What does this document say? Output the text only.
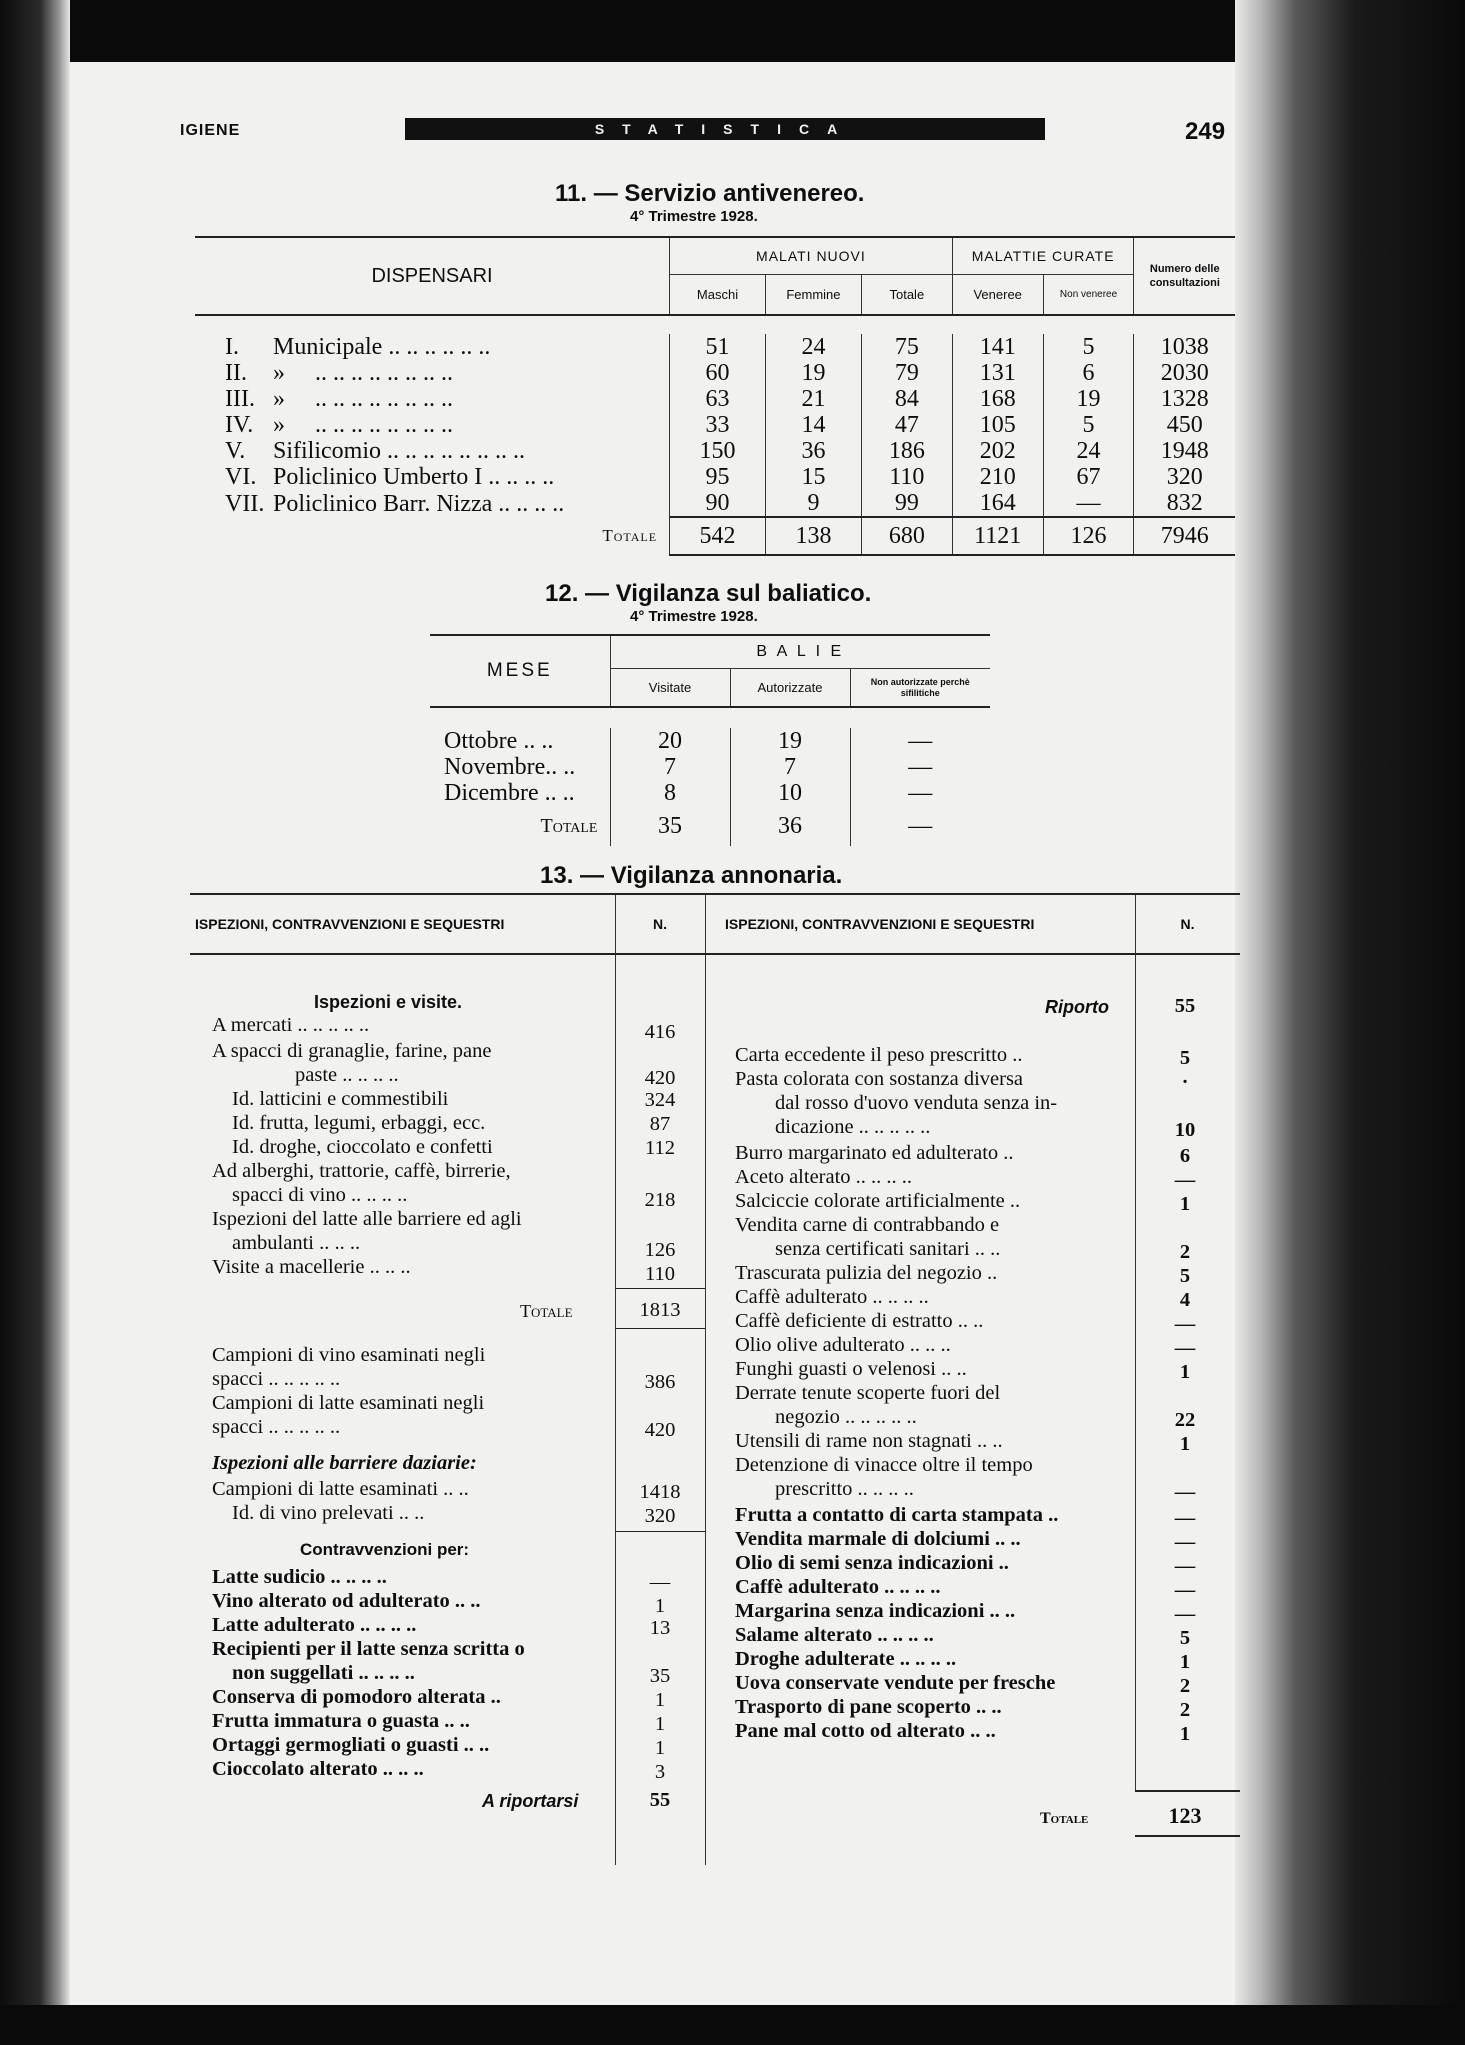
IGIENE	STATISTICA	249
11. — Servizio antivenereo.
4° Trimestre 1928.
DISPENSARI	MALATI NUOVI			MALATTIE CURATE		Numero delle consultazioni
	Maschi	Femmine	Totale	Veneree	Non veneree	

I. Municipale .. .. .. .. .. ..	51	24	75	141	5	1038
II. »     .. .. .. .. .. .. .. ..	60	19	79	131	6	2030
III. »     .. .. .. .. .. .. .. ..	63	21	84	168	19	1328
IV. »     .. .. .. .. .. .. .. ..	33	14	47	105	5	450
V. Sifilicomio .. .. .. .. .. .. .. ..	150	36	186	202	24	1948
VI. Policlinico Umberto I .. .. .. ..	95	15	110	210	67	320
VII. Policlinico Barr. Nizza .. .. .. ..	90	9	99	164	—	832
Totale	542	138	680	1121	126	7946
12. — Vigilanza sul baliatico.
4° Trimestre 1928.
MESE	B A L I E		
	Visitate	Autorizzate	Non autorizzate perchè sifilitiche

Ottobre .. ..	20	19	—
Novembre.. ..	7	7	—
Dicembre .. ..	8	10	—
Totale	35	36	—
13. — Vigilanza annonaria.
ISPEZIONI, CONTRAVVENZIONI E SEQUESTRI	N.	ISPEZIONI, CONTRAVVENZIONI E SEQUESTRI	N.
Ispezioni e visite.
A mercati .. .. .. .. ..	416
A spacci di granaglie, farine, pane
paste .. .. .. ..	420
Id. latticini e commestibili	324
Id. frutta, legumi, erbaggi, ecc.	87
Id. droghe, cioccolato e confetti	112
Ad alberghi, trattorie, caffè, birrerie,
spacci di vino .. .. .. ..	218
Ispezioni del latte alle barriere ed agli
ambulanti .. .. ..	126
Visite a macellerie .. .. ..	110
Totale	1813
Campioni di vino esaminati negli
spacci .. .. .. .. ..	386
Campioni di latte esaminati negli
spacci .. .. .. .. ..	420
Ispezioni alle barriere daziarie:
Campioni di latte esaminati .. ..	1418
Id. di vino prelevati .. ..	320
Contravvenzioni per:
Latte sudicio .. .. .. ..	—
Vino alterato od adulterato .. ..	1
Latte adulterato .. .. .. ..	13
Recipienti per il latte senza scritta o
non suggellati .. .. .. ..	35
Conserva di pomodoro alterata ..	1
Frutta immatura o guasta .. ..	1
Ortaggi germogliati o guasti .. ..	1
Cioccolato alterato .. .. ..	3
A riportarsi	55
Riporto	55
Carta eccedente il peso prescritto ..	5
Pasta colorata con sostanza diversa	·
dal rosso d'uovo venduta senza in-
dicazione .. .. .. .. ..	10
Burro margarinato ed adulterato ..	6
Aceto alterato .. .. .. ..	—
Salciccie colorate artificialmente ..	1
Vendita carne di contrabbando e
senza certificati sanitari .. ..	2
Trascurata pulizia del negozio ..	5
Caffè adulterato .. .. .. ..	4
Caffè deficiente di estratto .. ..	—
Olio olive adulterato .. .. ..	—
Funghi guasti o velenosi .. ..	1
Derrate tenute scoperte fuori del
negozio .. .. .. .. ..	22
Utensili di rame non stagnati .. ..	1
Detenzione di vinacce oltre il tempo
prescritto .. .. .. ..	—
Frutta a contatto di carta stampata ..	—
Vendita marmale di dolciumi .. ..	—
Olio di semi senza indicazioni ..	—
Caffè adulterato .. .. .. ..	—
Margarina senza indicazioni .. ..	—
Salame alterato .. .. .. ..	5
Droghe adulterate .. .. .. ..	1
Uova conservate vendute per fresche	2
Trasporto di pane scoperto .. ..	2
Pane mal cotto od alterato .. ..	1
Totale	123
